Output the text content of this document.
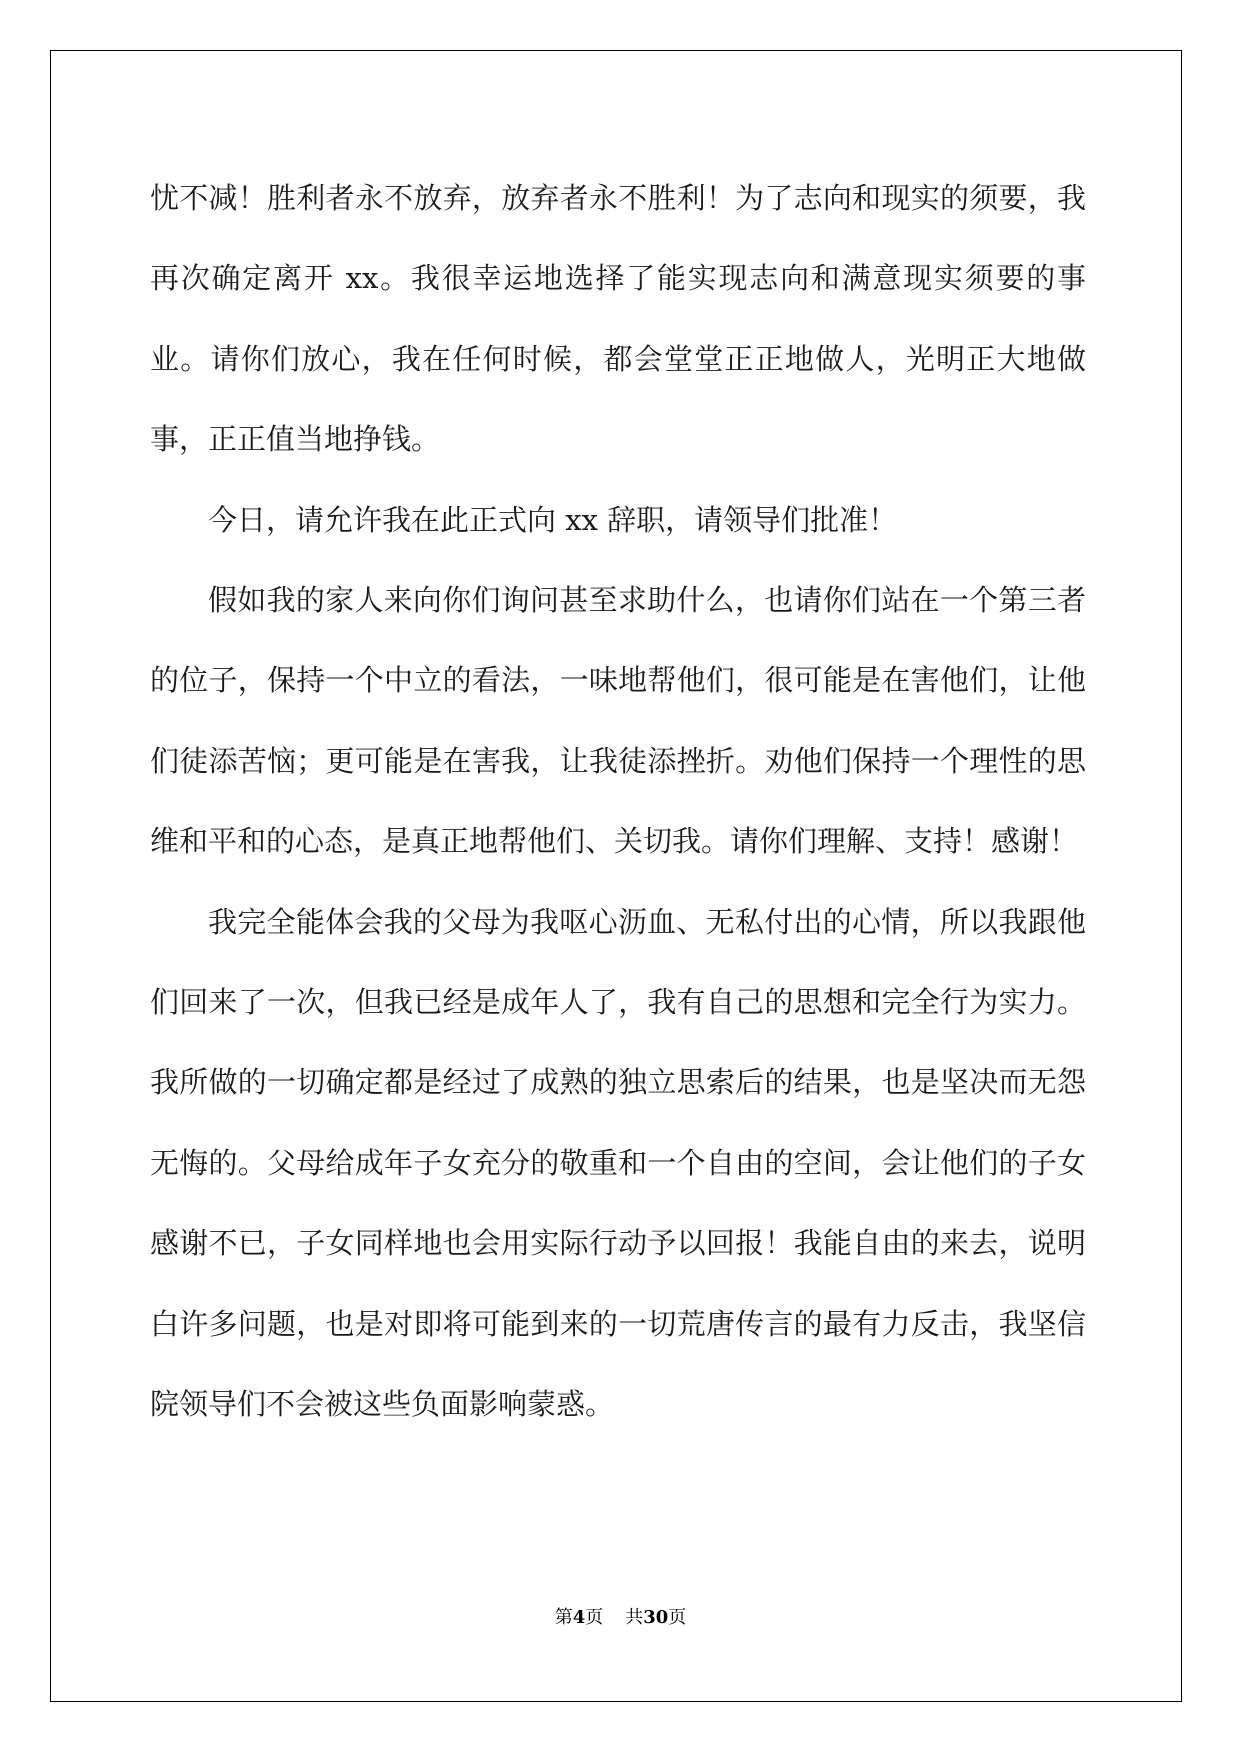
忧不减！胜利者永不放弃，放弃者永不胜利！为了志向和现实的须要，我再次确定离开 xx。我很幸运地选择了能实现志向和满意现实须要的事业。请你们放心，我在任何时候，都会堂堂正正地做人，光明正大地做事，正正值当地挣钱。

今日，请允许我在此正式向 xx 辞职，请领导们批准！

假如我的家人来向你们询问甚至求助什么，也请你们站在一个第三者的位子，保持一个中立的看法，一味地帮他们，很可能是在害他们，让他们徒添苦恼；更可能是在害我，让我徒添挫折。劝他们保持一个理性的思维和平和的心态，是真正地帮他们、关切我。请你们理解、支持！感谢！

我完全能体会我的父母为我呕心沥血、无私付出的心情，所以我跟他们回来了一次，但我已经是成年人了，我有自己的思想和完全行为实力。我所做的一切确定都是经过了成熟的独立思索后的结果，也是坚决而无怨无悔的。父母给成年子女充分的敬重和一个自由的空间，会让他们的子女感谢不已，子女同样地也会用实际行动予以回报！我能自由的来去，说明白许多问题，也是对即将可能到来的一切荒唐传言的最有力反击，我坚信院领导们不会被这些负面影响蒙惑。

第4页 共30页
